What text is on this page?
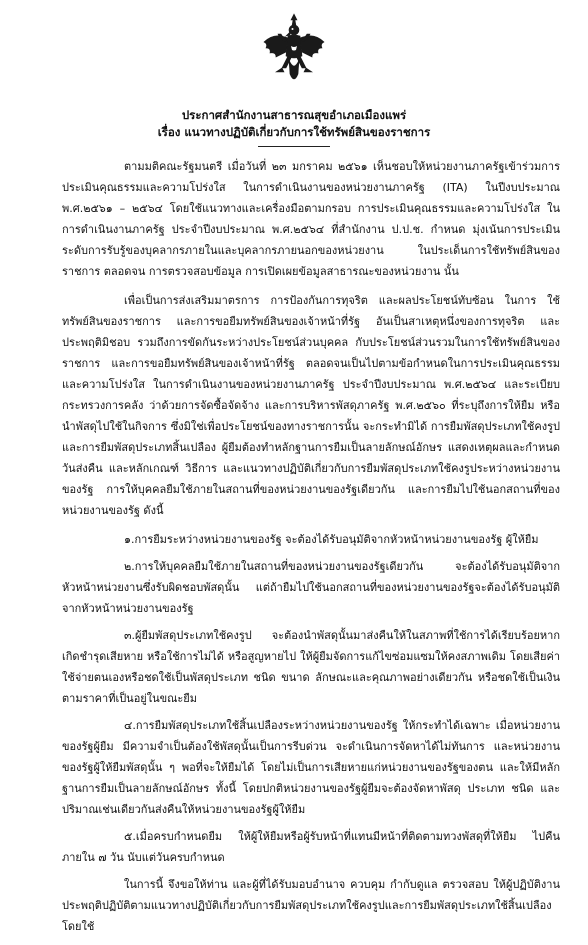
ประกาศสำนักงานสาธารณสุขอำเภอเมืองแพร่
เรื่อง แนวทางปฏิบัติเกี่ยวกับการใช้ทรัพย์สินของราชการ

ตามมติคณะรัฐมนตรี เมื่อวันที่ ๒๓ มกราคม ๒๕๖๑ เห็นชอบให้หน่วยงานภาครัฐเข้าร่วมการประเมินคุณธรรมและความโปร่งใส ในการดำเนินงานของหน่วยงานภาครัฐ (ITA) ในปีงบประมาณ พ.ศ.๒๕๖๑ – ๒๕๖๔ โดยใช้แนวทางและเครื่องมือตามกรอบ การประเมินคุณธรรมและความโปร่งใส ในการดำเนินงานภาครัฐ ประจำปีงบประมาณ พ.ศ.๒๕๖๔ ที่สำนักงาน ป.ป.ช. กำหนด มุ่งเน้นการประเมินระดับการรับรู้ของบุคลากรภายในและบุคลากรภายนอกของหน่วยงาน ในประเด็นการใช้ทรัพย์สินของราชการ ตลอดจน การตรวจสอบข้อมูล การเปิดเผยข้อมูลสาธารณะของหน่วยงาน นั้น

เพื่อเป็นการส่งเสริมมาตรการ การป้องกันการทุจริต และผลประโยชน์ทับซ้อน ในการ ใช้ทรัพย์สินของราชการ และการขอยืมทรัพย์สินของเจ้าหน้าที่รัฐ อันเป็นสาเหตุหนึ่งของการทุจริต และประพฤติมิชอบ รวมถึงการขัดกันระหว่างประโยชน์ส่วนบุคคล กับประโยชน์ส่วนรวมในการใช้ทรัพย์สินของราชการ และการขอยืมทรัพย์สินของเจ้าหน้าที่รัฐ ตลอดจนเป็นไปตามข้อกำหนดในการประเมินคุณธรรม และความโปร่งใส ในการดำเนินงานของหน่วยงานภาครัฐ ประจำปีงบประมาณ พ.ศ.๒๕๖๔ และระเบียบกระทรวงการคลัง ว่าด้วยการจัดซื้อจัดจ้าง และการบริหารพัสดุภาครัฐ พ.ศ.๒๕๖๐ ที่ระบุถึงการให้ยืม หรือนำพัสดุไปใช้ในกิจการ ซึ่งมิใช่เพื่อประโยชน์ของทางราชการนั้น จะกระทำมิได้ การยืมพัสดุประเภทใช้คงรูป และการยืมพัสดุประเภทสิ้นเปลือง ผู้ยืมต้องทำหลักฐานการยืมเป็นลายลักษณ์อักษร แสดงเหตุผลและกำหนดวันส่งคืน และหลักเกณฑ์ วิธีการ และแนวทางปฏิบัติเกี่ยวกับการยืมพัสดุประเภทใช้คงรูประหว่างหน่วยงานของรัฐ การให้บุคคลยืมใช้ภายในสถานที่ของหน่วยงานของรัฐเดียวกัน และการยืมไปใช้นอกสถานที่ของหน่วยงานของรัฐ ดังนี้

๑.การยืมระหว่างหน่วยงานของรัฐ จะต้องได้รับอนุมัติจากหัวหน้าหน่วยงานของรัฐ ผู้ให้ยืม

๒.การให้บุคคลยืมใช้ภายในสถานที่ของหน่วยงานของรัฐเดียวกัน จะต้องได้รับอนุมัติจากหัวหน้าหน่วยงานซึ่งรับผิดชอบพัสดุนั้น แต่ถ้ายืมไปใช้นอกสถานที่ของหน่วยงานของรัฐจะต้องได้รับอนุมัติจากหัวหน้าหน่วยงานของรัฐ

๓.ผู้ยืมพัสดุประเภทใช้คงรูป จะต้องนำพัสดุนั้นมาส่งคืนให้ในสภาพที่ใช้การได้เรียบร้อยหากเกิดชำรุดเสียหาย หรือใช้การไม่ได้ หรือสูญหายไป ให้ผู้ยืมจัดการแก้ไขซ่อมแซมให้คงสภาพเดิม โดยเสียค่าใช้จ่ายตนเองหรือชดใช้เป็นพัสดุประเภท ชนิด ขนาด ลักษณะและคุณภาพอย่างเดียวกัน หรือชดใช้เป็นเงินตามราคาที่เป็นอยู่ในขณะยืม

๔.การยืมพัสดุประเภทใช้สิ้นเปลืองระหว่างหน่วยงานของรัฐ ให้กระทำได้เฉพาะ เมื่อหน่วยงานของรัฐผู้ยืม มีความจำเป็นต้องใช้พัสดุนั้นเป็นการรีบด่วน จะดำเนินการจัดหาได้ไม่ทันการ และหน่วยงานของรัฐผู้ให้ยืมพัสดุนั้น ๆ พอที่จะให้ยืมได้ โดยไม่เป็นการเสียหายแก่หน่วยงานของรัฐของตน และให้มีหลักฐานการยืมเป็นลายลักษณ์อักษร ทั้งนี้ โดยปกติหน่วยงานของรัฐผู้ยืมจะต้องจัดหาพัสดุ ประเภท ชนิด และปริมาณเช่นเดียวกันส่งคืนให้หน่วยงานของรัฐผู้ให้ยืม

๕.เมื่อครบกำหนดยืม ให้ผู้ให้ยืมหรือผู้รับหน้าที่แทนมีหน้าที่ติดตามทวงพัสดุที่ให้ยืม ไปคืนภายใน ๗ วัน นับแต่วันครบกำหนด

ในการนี้ จึงขอให้ท่าน และผู้ที่ได้รับมอบอำนาจ ควบคุม กำกับดูแล ตรวจสอบ ให้ผู้ปฏิบัติงานประพฤติปฏิบัติตามแนวทางปฏิบัติเกี่ยวกับการยืมพัสดุประเภทใช้คงรูปและการยืมพัสดุประเภทใช้สิ้นเปลือง โดยใช้
